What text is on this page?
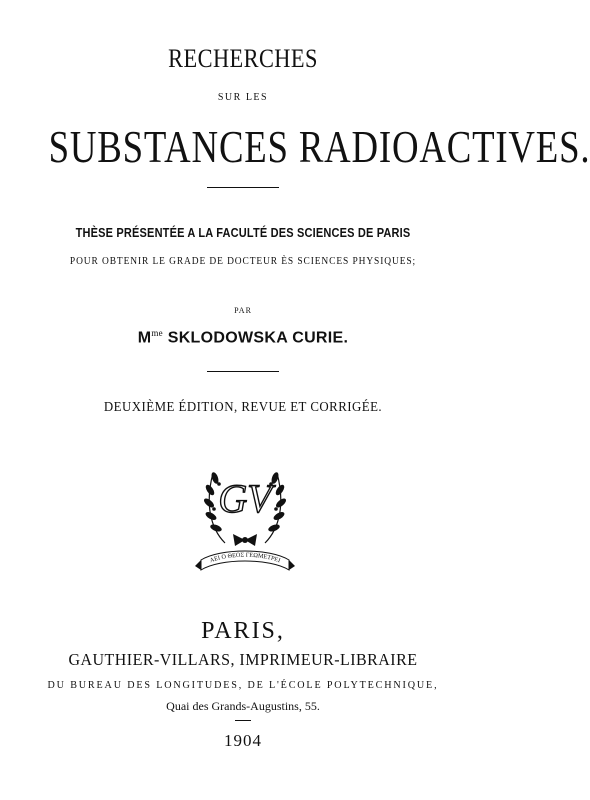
RECHERCHES
SUR LES
SUBSTANCES RADIOACTIVES.
THÈSE PRÉSENTÉE A LA FACULTÉ DES SCIENCES DE PARIS
POUR OBTENIR LE GRADE DE DOCTEUR ÈS SCIENCES PHYSIQUES;
PAR
$M^{me}$ SKLODOWSKA CURIE.
DEUXIÈME ÉDITION, REVUE ET CORRIGÉE.
GV
ΑΕΙ Ο ΘΕΟΣ ΓΕΩΜΕΤΡΕΙ
PARIS,
GAUTHIER-VILLARS, IMPRIMEUR-LIBRAIRE
DU BUREAU DES LONGITUDES, DE L'ÉCOLE POLYTECHNIQUE,
Quai des Grands-Augustins, 55.
1904
